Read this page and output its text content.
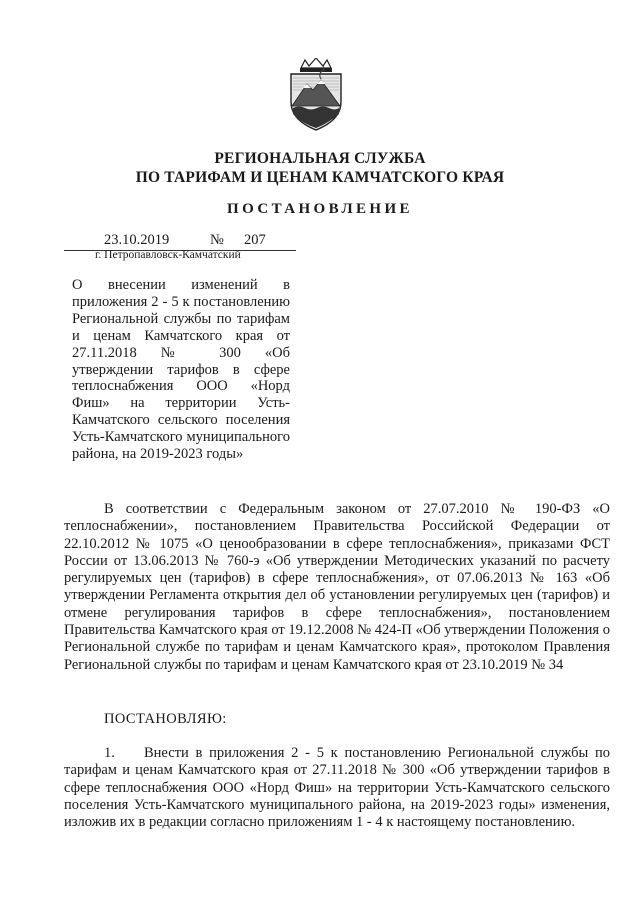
РЕГИОНАЛЬНАЯ СЛУЖБА
ПО ТАРИФАМ И ЦЕНАМ КАМЧАТСКОГО КРАЯ
ПОСТАНОВЛЕНИЕ
23.10.2019	№ 207
г. Петропавловск-Камчатский
О внесении изменений в приложения 2 - 5 к постановлению Региональной службы по тарифам и ценам Камчатского края от 27.11.2018 № 300 «Об утверждении тарифов в сфере теплоснабжения ООО «Норд Фиш» на территории Усть-Камчатского сельского поселения Усть-Камчатского муниципального района, на 2019-2023 годы»
В соответствии с Федеральным законом от 27.07.2010 № 190-ФЗ «О теплоснабжении», постановлением Правительства Российской Федерации от 22.10.2012 № 1075 «О ценообразовании в сфере теплоснабжения», приказами ФСТ России от 13.06.2013 № 760-э «Об утверждении Методических указаний по расчету регулируемых цен (тарифов) в сфере теплоснабжения», от 07.06.2013 № 163 «Об утверждении Регламента открытия дел об установлении регулируемых цен (тарифов) и отмене регулирования тарифов в сфере теплоснабжения», постановлением Правительства Камчатского края от 19.12.2008 № 424-П «Об утверждении Положения о Региональной службе по тарифам и ценам Камчатского края», протоколом Правления Региональной службы по тарифам и ценам Камчатского края от 23.10.2019 № 34
ПОСТАНОВЛЯЮ:
1. Внести в приложения 2 - 5 к постановлению Региональной службы по тарифам и ценам Камчатского края от 27.11.2018 № 300 «Об утверждении тарифов в сфере теплоснабжения ООО «Норд Фиш» на территории Усть-Камчатского сельского поселения Усть-Камчатского муниципального района, на 2019-2023 годы» изменения, изложив их в редакции согласно приложениям 1 - 4 к настоящему постановлению.
